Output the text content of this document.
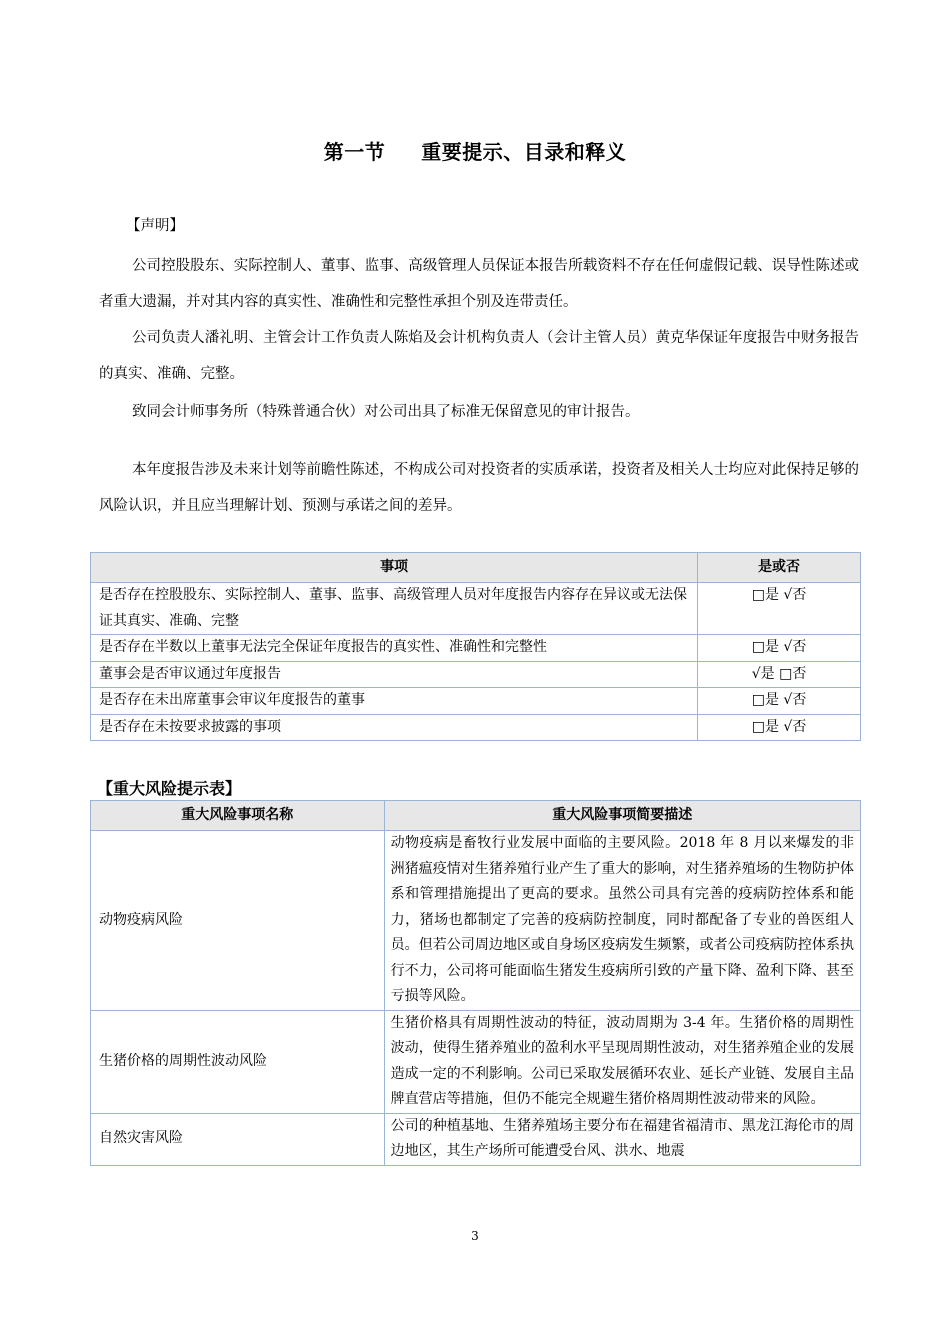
第一节 重要提示、目录和释义
【声明】
公司控股股东、实际控制人、董事、监事、高级管理人员保证本报告所载资料不存在任何虚假记载、误导性陈述或者重大遗漏，并对其内容的真实性、准确性和完整性承担个别及连带责任。
公司负责人潘礼明、主管会计工作负责人陈焰及会计机构负责人（会计主管人员）黄克华保证年度报告中财务报告的真实、准确、完整。
致同会计师事务所（特殊普通合伙）对公司出具了标准无保留意见的审计报告。
本年度报告涉及未来计划等前瞻性陈述，不构成公司对投资者的实质承诺，投资者及相关人士均应对此保持足够的风险认识，并且应当理解计划、预测与承诺之间的差异。
事项	是或否
是否存在控股股东、实际控制人、董事、监事、高级管理人员对年度报告内容存在异议或无法保证其真实、准确、完整	□是 √否
是否存在半数以上董事无法完全保证年度报告的真实性、准确性和完整性	□是 √否
董事会是否审议通过年度报告	√是 □否
是否存在未出席董事会审议年度报告的董事	□是 √否
是否存在未按要求披露的事项	□是 √否
【重大风险提示表】
重大风险事项名称	重大风险事项简要描述
动物疫病风险	动物疫病是畜牧行业发展中面临的主要风险。2018 年 8 月以来爆发的非洲猪瘟疫情对生猪养殖行业产生了重大的影响，对生猪养殖场的生物防护体系和管理措施提出了更高的要求。虽然公司具有完善的疫病防控体系和能力，猪场也都制定了完善的疫病防控制度，同时都配备了专业的兽医组人员。但若公司周边地区或自身场区疫病发生频繁，或者公司疫病防控体系执行不力，公司将可能面临生猪发生疫病所引致的产量下降、盈利下降、甚至亏损等风险。
生猪价格的周期性波动风险	生猪价格具有周期性波动的特征，波动周期为 3-4 年。生猪价格的周期性波动，使得生猪养殖业的盈利水平呈现周期性波动，对生猪养殖企业的发展造成一定的不利影响。公司已采取发展循环农业、延长产业链、发展自主品牌直营店等措施，但仍不能完全规避生猪价格周期性波动带来的风险。
自然灾害风险	公司的种植基地、生猪养殖场主要分布在福建省福清市、黑龙江海伦市的周边地区，其生产场所可能遭受台风、洪水、地震
3
